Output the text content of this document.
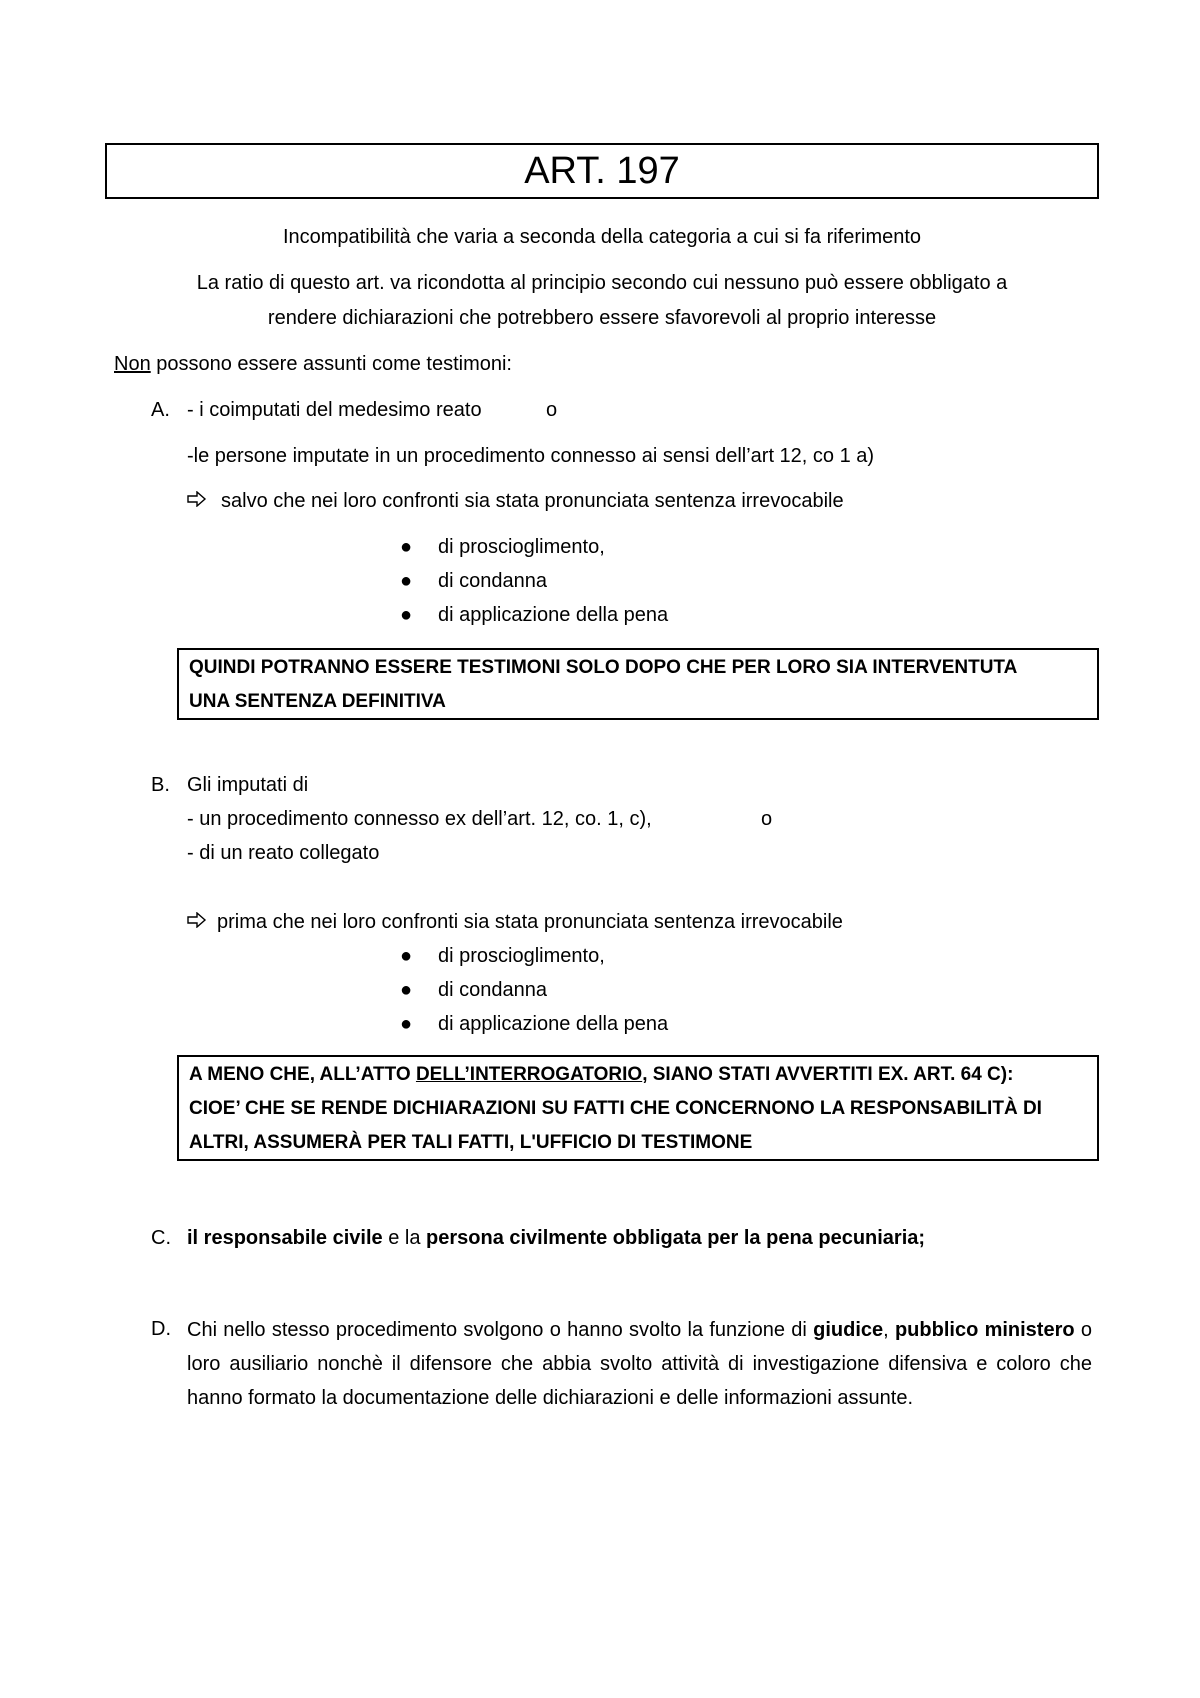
ART. 197
Incompatibilità che varia a seconda della categoria a cui si fa riferimento
La ratio di questo art. va ricondotta al principio secondo cui nessuno può essere obbligato a
rendere dichiarazioni che potrebbero essere sfavorevoli al proprio interesse
Non possono essere assunti come testimoni:
A. - i coimputati del medesimo reato	o
-le persone imputate in un procedimento connesso ai sensi dell’art 12, co 1 a)
salvo che nei loro confronti sia stata pronunciata sentenza irrevocabile
● di proscioglimento,
● di condanna
● di applicazione della pena
QUINDI POTRANNO ESSERE TESTIMONI SOLO DOPO CHE PER LORO SIA INTERVENTUTA
UNA SENTENZA DEFINITIVA
B. Gli imputati di
- un procedimento connesso ex dell’art. 12, co. 1, c),	o
- di un reato collegato
prima che nei loro confronti sia stata pronunciata sentenza irrevocabile
● di proscioglimento,
● di condanna
● di applicazione della pena
A MENO CHE, ALL’ATTO DELL’INTERROGATORIO, SIANO STATI AVVERTITI EX. ART. 64 C):
CIOE’ CHE SE RENDE DICHIARAZIONI SU FATTI CHE CONCERNONO LA RESPONSABILITÀ DI
ALTRI, ASSUMERÀ PER TALI FATTI, L'UFFICIO DI TESTIMONE
C. il responsabile civile e la persona civilmente obbligata per la pena pecuniaria;
D. Chi nello stesso procedimento svolgono o hanno svolto la funzione di giudice, pubblico ministero o loro ausiliario nonchè il difensore che abbia svolto attività di investigazione difensiva e coloro che hanno formato la documentazione delle dichiarazioni e delle informazioni assunte.
